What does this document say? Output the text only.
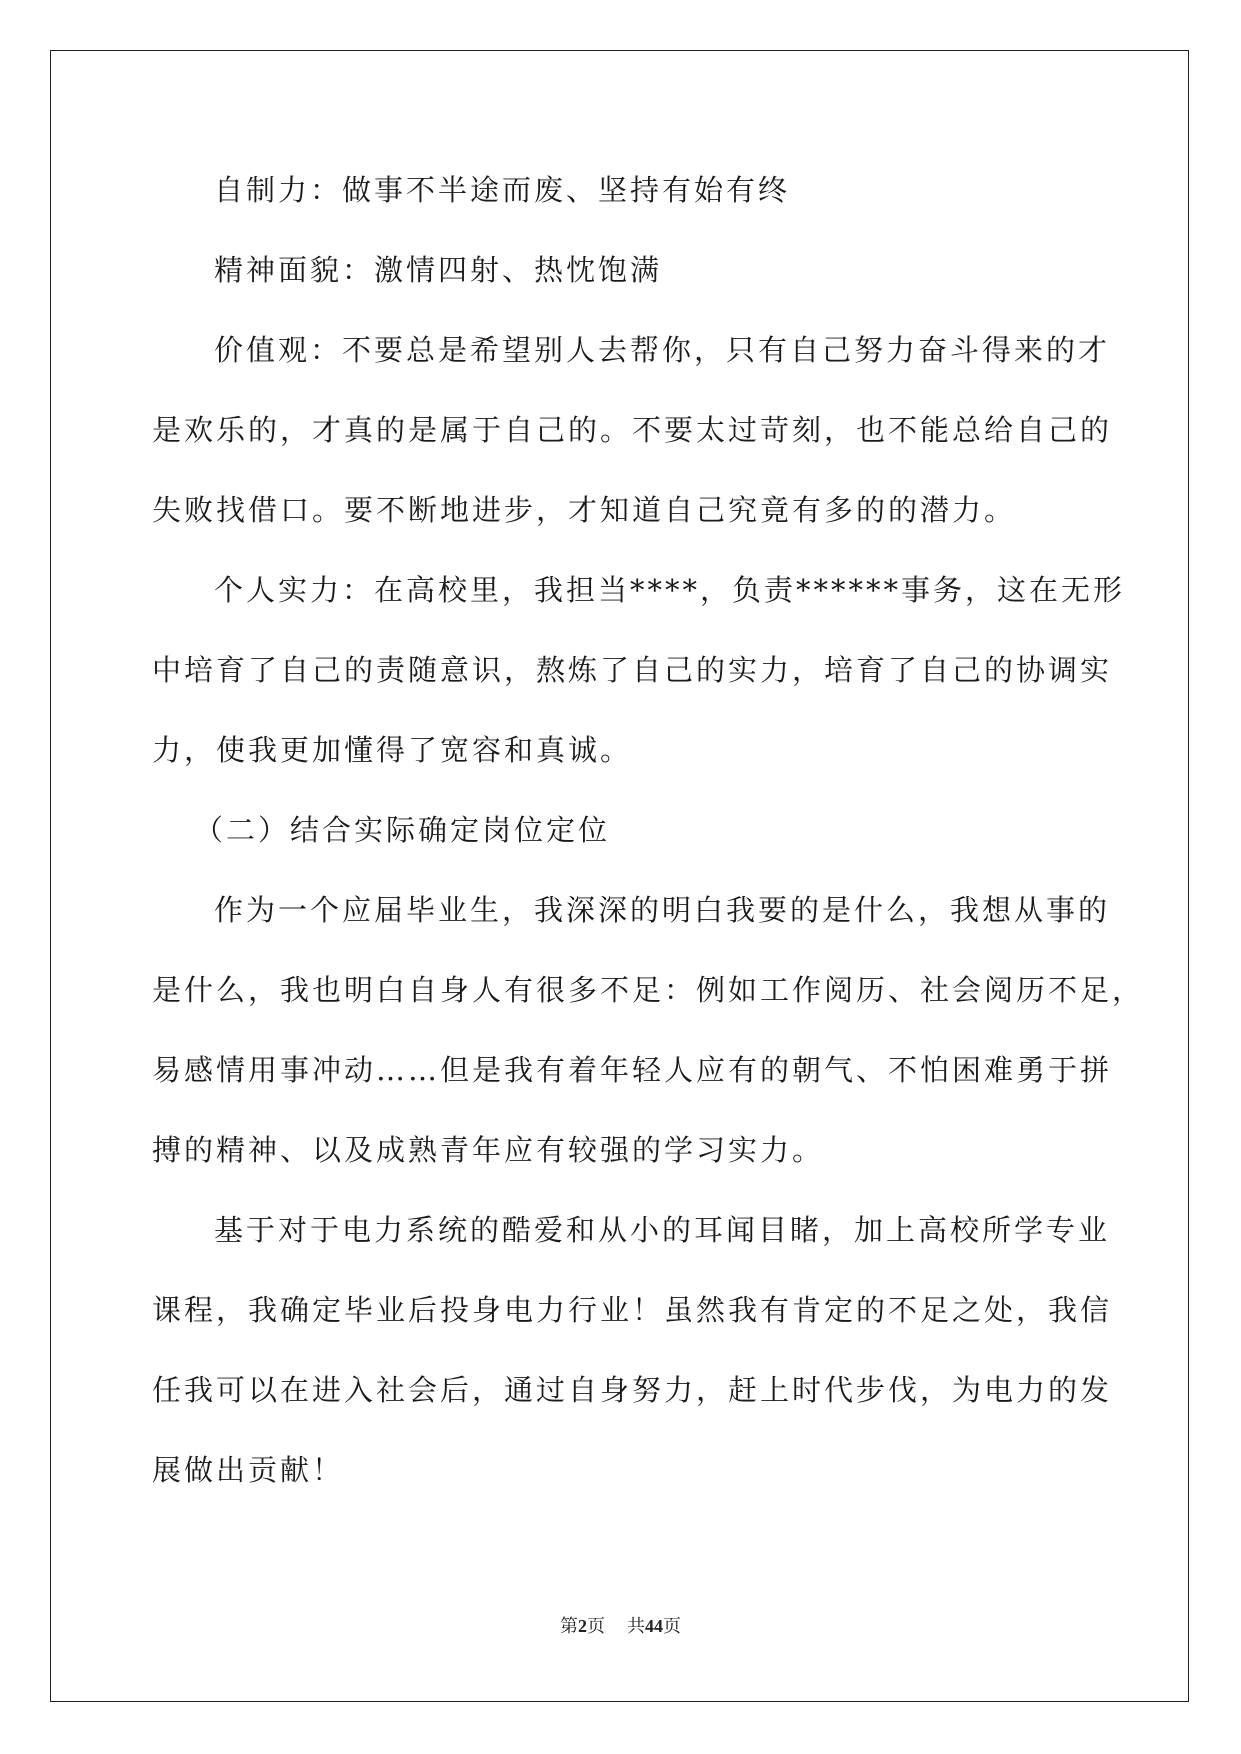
自制力：做事不半途而废、坚持有始有终

精神面貌：激情四射、热忱饱满

价值观：不要总是希望别人去帮你，只有自己努力奋斗得来的才
是欢乐的，才真的是属于自己的。不要太过苛刻，也不能总给自己的
失败找借口。要不断地进步，才知道自己究竟有多的的潜力。

个人实力：在高校里，我担当****，负责******事务，这在无形
中培育了自己的责随意识，熬炼了自己的实力，培育了自己的协调实
力，使我更加懂得了宽容和真诚。

（二）结合实际确定岗位定位

作为一个应届毕业生，我深深的明白我要的是什么，我想从事的
是什么，我也明白自身人有很多不足：例如工作阅历、社会阅历不足，
易感情用事冲动……但是我有着年轻人应有的朝气、不怕困难勇于拼
搏的精神、以及成熟青年应有较强的学习实力。

基于对于电力系统的酷爱和从小的耳闻目睹，加上高校所学专业
课程，我确定毕业后投身电力行业！虽然我有肯定的不足之处，我信
任我可以在进入社会后，通过自身努力，赶上时代步伐，为电力的发
展做出贡献！

第2页 共44页
